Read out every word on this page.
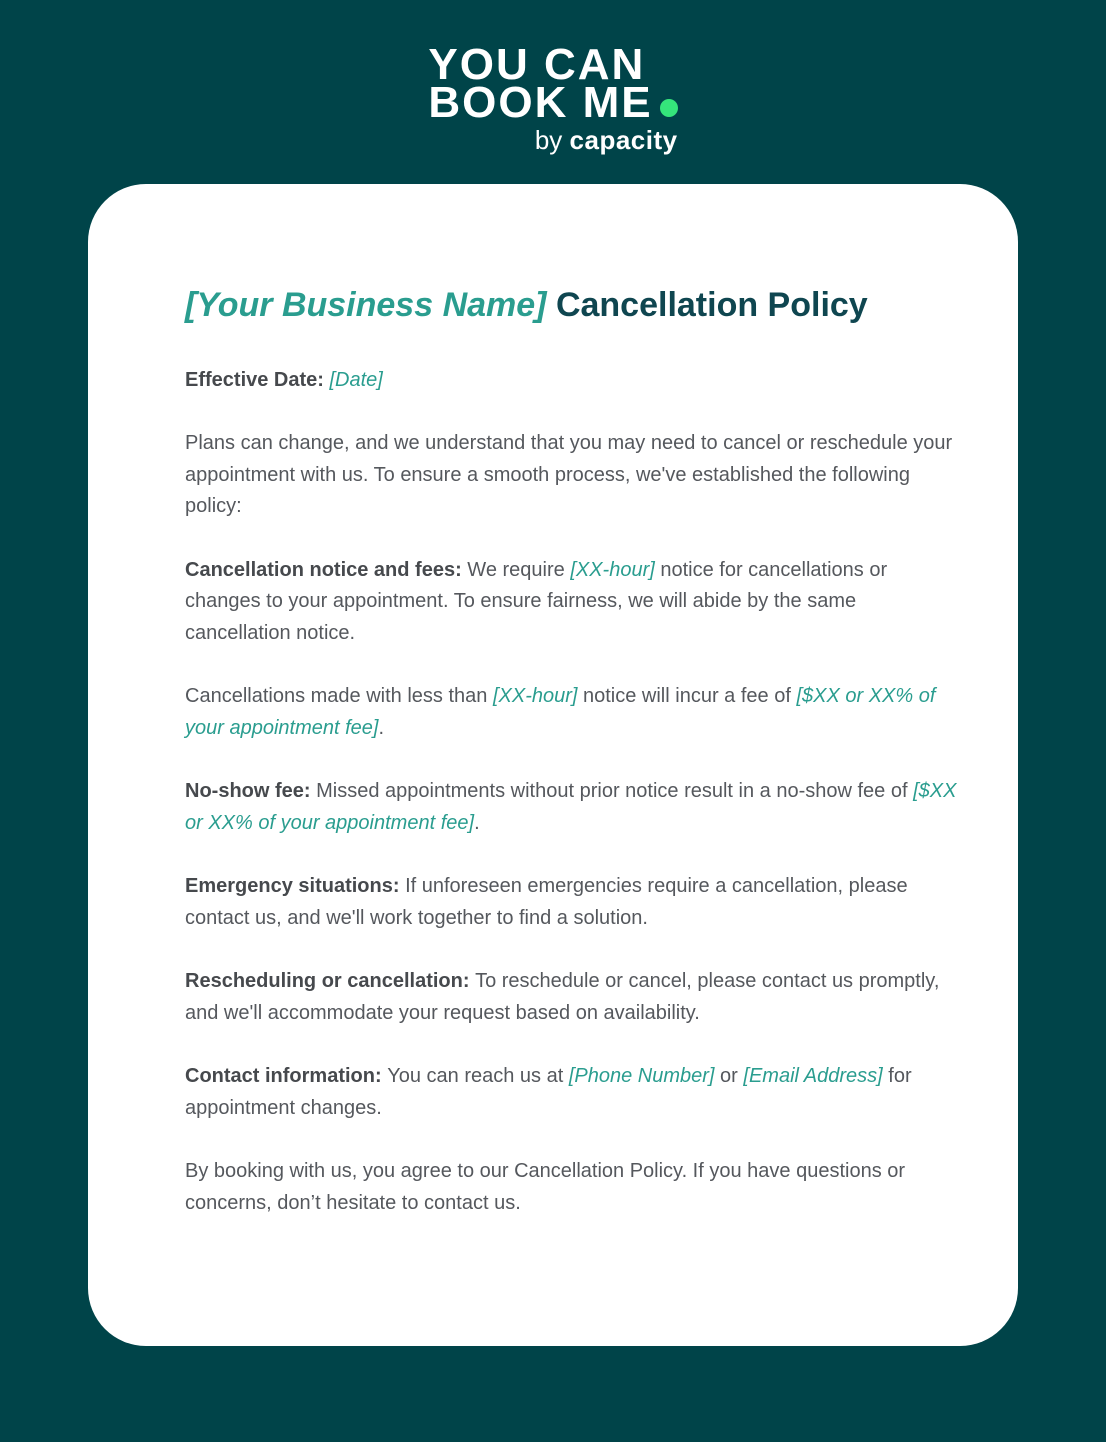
YOU CAN
BOOK ME
by capacity
[Your Business Name] Cancellation Policy

Effective Date: [Date]

Plans can change, and we understand that you may need to cancel or reschedule your appointment with us. To ensure a smooth process, we've established the following policy:

Cancellation notice and fees: We require [XX-hour] notice for cancellations or changes to your appointment. To ensure fairness, we will abide by the same cancellation notice.

Cancellations made with less than [XX-hour] notice will incur a fee of [$XX or XX% of your appointment fee].

No-show fee: Missed appointments without prior notice result in a no-show fee of [$XX or XX% of your appointment fee].

Emergency situations: If unforeseen emergencies require a cancellation, please contact us, and we'll work together to find a solution.

Rescheduling or cancellation: To reschedule or cancel, please contact us promptly, and we'll accommodate your request based on availability.

Contact information: You can reach us at [Phone Number] or [Email Address] for appointment changes.

By booking with us, you agree to our Cancellation Policy. If you have questions or concerns, don’t hesitate to contact us.
